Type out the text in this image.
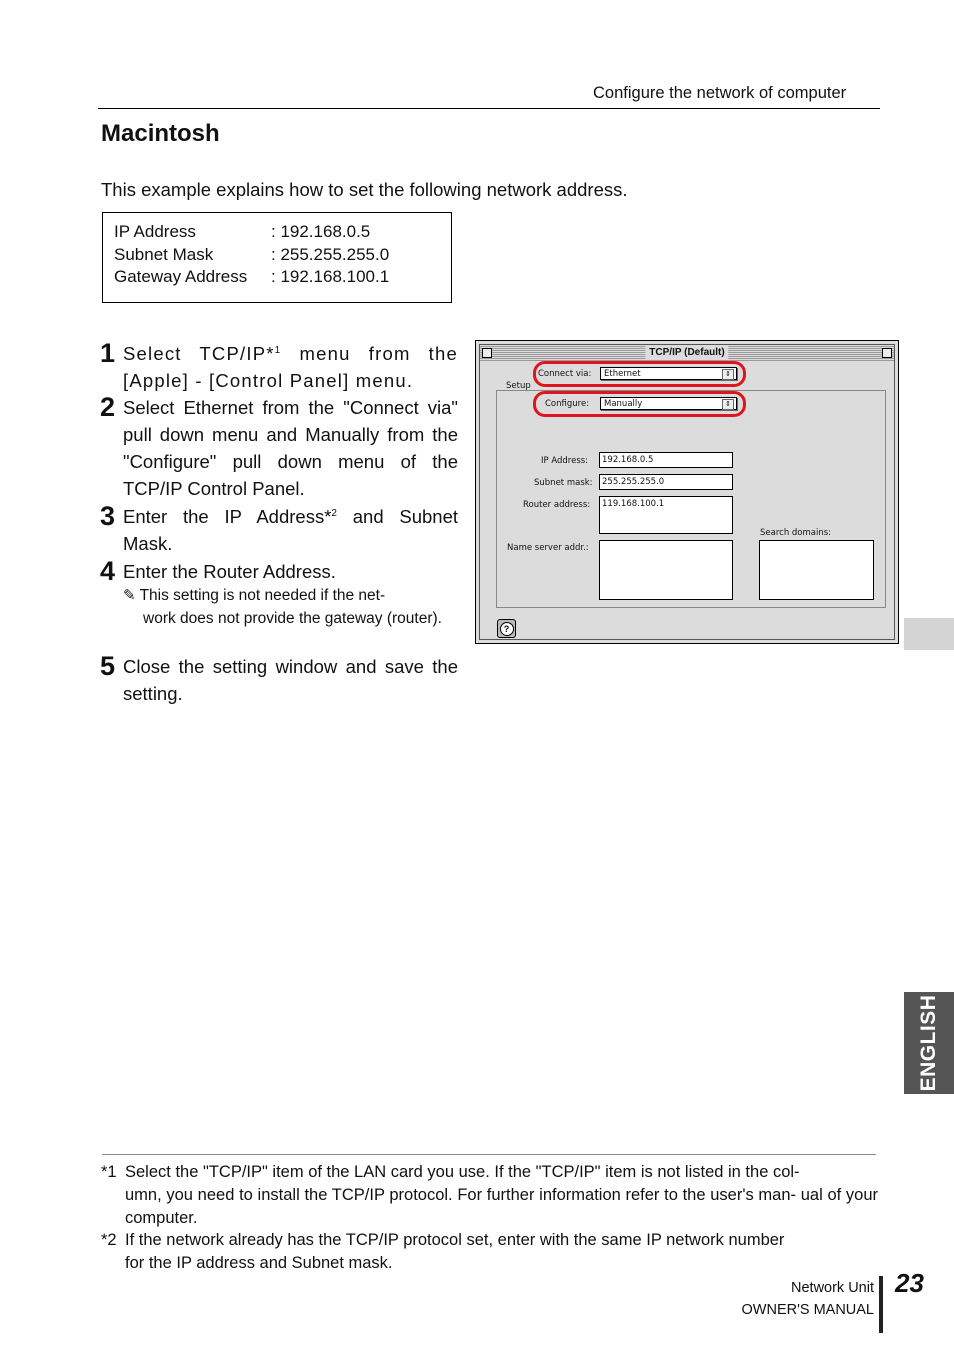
Configure the network of computer
Macintosh
This example explains how to set the following network address.
IP Address	: 192.168.0.5
Subnet Mask	: 255.255.255.0
Gateway Address : 192.168.100.1
1 Select TCP/IP*$^1$ menu from the [Apple] - [Control Panel] menu.
2 Select Ethernet from the "Connect via" pull down menu and Manually from the "Configure" pull down menu of the TCP/IP Control Panel.
3 Enter the IP Address*$^2$ and Subnet Mask.
4 Enter the Router Address.
✎ This setting is not needed if the net-
work does not provide the gateway (router).
5 Close the setting window and save the setting.
TCP/IP (Default)
Connect via:	Ethernet	⇕
Setup
Configure:	Manually	⇕
IP Address:	192.168.0.5
Subnet mask:	255.255.255.0
Router address:	119.168.100.1
Search domains:
Name server addr.:
?
ENGLISH
*1 Select the "TCP/IP" item of the LAN card you use. If the "TCP/IP" item is not listed in the col-
umn, you need to install the TCP/IP protocol. For further information refer to the user's man- ual of your computer.
*2 If the network already has the TCP/IP protocol set, enter with the same IP network number
for the IP address and Subnet mask.
Network Unit
OWNER'S MANUAL
23
